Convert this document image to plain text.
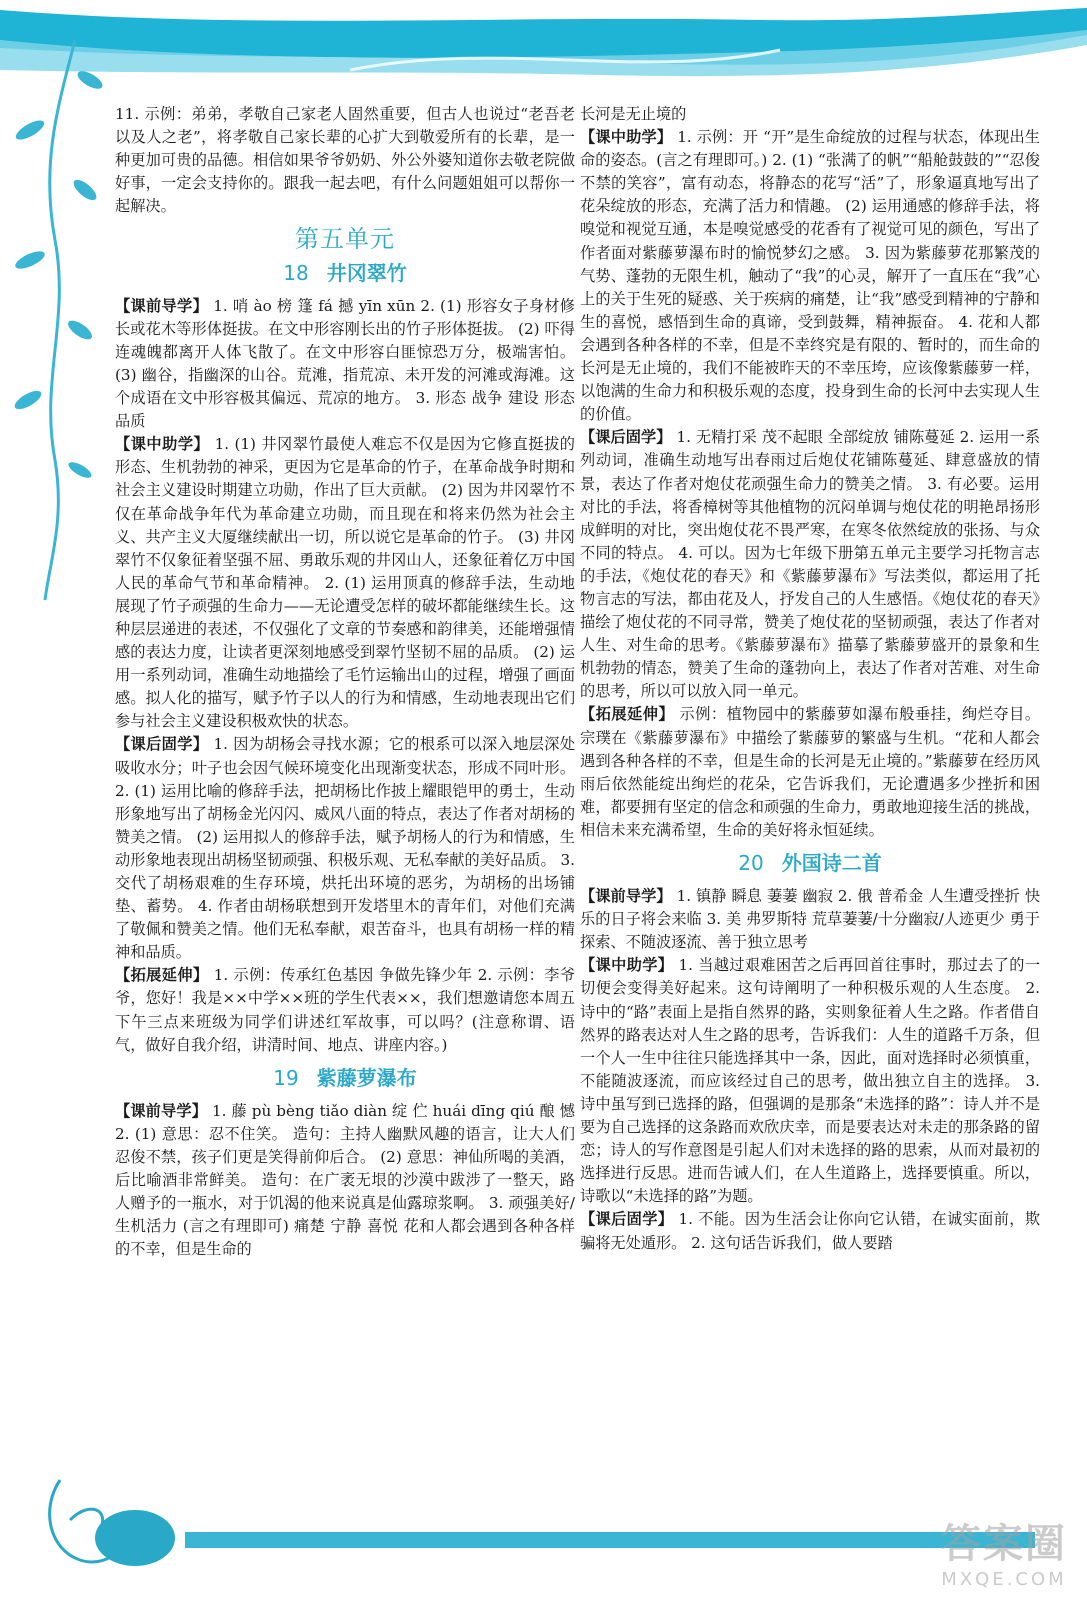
118
答案圈
MXQE.COM

11. 示例：弟弟，孝敬自己家老人固然重要，但古人也说过“老吾老以及人之老”，将孝敬自己家长辈的心扩大到敬爱所有的长辈，是一种更加可贵的品德。相信如果爷爷奶奶、外公外婆知道你去敬老院做好事，一定会支持你的。跟我一起去吧，有什么问题姐姐可以帮你一起解决。

第五单元
18 井冈翠竹

【课前导学】 1. 哨 ào 榜 篷 fá 撼 yīn xūn 2. (1) 形容女子身材修长或花木等形体挺拔。在文中形容刚长出的竹子形体挺拔。 (2) 吓得连魂魄都离开人体飞散了。在文中形容白匪惊恐万分，极端害怕。 (3) 幽谷，指幽深的山谷。荒滩，指荒凉、未开发的河滩或海滩。这个成语在文中形容极其偏远、荒凉的地方。 3. 形态 战争 建设 形态 品质

【课中助学】 1. (1) 井冈翠竹最使人难忘不仅是因为它修直挺拔的形态、生机勃勃的神采，更因为它是革命的竹子，在革命战争时期和社会主义建设时期建立功勋，作出了巨大贡献。 (2) 因为井冈翠竹不仅在革命战争年代为革命建立功勋，而且现在和将来仍然为社会主义、共产主义大厦继续献出一切，所以说它是革命的竹子。 (3) 井冈翠竹不仅象征着坚强不屈、勇敢乐观的井冈山人，还象征着亿万中国人民的革命气节和革命精神。 2. (1) 运用顶真的修辞手法，生动地展现了竹子顽强的生命力——无论遭受怎样的破坏都能继续生长。这种层层递进的表述，不仅强化了文章的节奏感和韵律美，还能增强情感的表达力度，让读者更深刻地感受到翠竹坚韧不屈的品质。 (2) 运用一系列动词，准确生动地描绘了毛竹运输出山的过程，增强了画面感。拟人化的描写，赋予竹子以人的行为和情感，生动地表现出它们参与社会主义建设积极欢快的状态。

【课后固学】 1. 因为胡杨会寻找水源；它的根系可以深入地层深处吸收水分；叶子也会因气候环境变化出现渐变状态，形成不同叶形。 2. (1) 运用比喻的修辞手法，把胡杨比作披上耀眼铠甲的勇士，生动形象地写出了胡杨金光闪闪、威风八面的特点，表达了作者对胡杨的赞美之情。 (2) 运用拟人的修辞手法，赋予胡杨人的行为和情感，生动形象地表现出胡杨坚韧顽强、积极乐观、无私奉献的美好品质。 3. 交代了胡杨艰难的生存环境，烘托出环境的恶劣，为胡杨的出场铺垫、蓄势。 4. 作者由胡杨联想到开发塔里木的青年们，对他们充满了敬佩和赞美之情。他们无私奉献，艰苦奋斗，也具有胡杨一样的精神和品质。

【拓展延伸】 1. 示例：传承红色基因 争做先锋少年 2. 示例：李爷爷，您好！我是××中学××班的学生代表××，我们想邀请您本周五下午三点来班级为同学们讲述红军故事，可以吗？(注意称谓、语气，做好自我介绍，讲清时间、地点、讲座内容。)

19 紫藤萝瀑布

【课前导学】 1. 藤 pù bèng tiǎo diàn 绽 伫 huái dīng qiú 酿 憾 2. (1) 意思：忍不住笑。 造句：主持人幽默风趣的语言，让大人们忍俊不禁，孩子们更是笑得前仰后合。 (2) 意思：神仙所喝的美酒，后比喻酒非常鲜美。 造句：在广袤无垠的沙漠中跋涉了一整天，路人赠予的一瓶水，对于饥渴的他来说真是仙露琼浆啊。 3. 顽强美好/生机活力 (言之有理即可) 痛楚 宁静 喜悦 花和人都会遇到各种各样的不幸，但是生命的

长河是无止境的

【课中助学】 1. 示例：开 “开”是生命绽放的过程与状态，体现出生命的姿态。(言之有理即可。) 2. (1) “张满了的帆”“船舱鼓鼓的”“忍俊不禁的笑容”，富有动态，将静态的花写“活”了，形象逼真地写出了花朵绽放的形态，充满了活力和情趣。 (2) 运用通感的修辞手法，将嗅觉和视觉互通，本是嗅觉感受的花香有了视觉可见的颜色，写出了作者面对紫藤萝瀑布时的愉悦梦幻之感。 3. 因为紫藤萝花那繁茂的气势、蓬勃的无限生机，触动了“我”的心灵，解开了一直压在“我”心上的关于生死的疑惑、关于疾病的痛楚，让“我”感受到精神的宁静和生的喜悦，感悟到生命的真谛，受到鼓舞，精神振奋。 4. 花和人都会遇到各种各样的不幸，但是不幸终究是有限的、暂时的，而生命的长河是无止境的，我们不能被昨天的不幸压垮，应该像紫藤萝一样，以饱满的生命力和积极乐观的态度，投身到生命的长河中去实现人生的价值。

【课后固学】 1. 无精打采 茂不起眼 全部绽放 铺陈蔓延 2. 运用一系列动词，准确生动地写出春雨过后炮仗花铺陈蔓延、肆意盛放的情景，表达了作者对炮仗花顽强生命力的赞美之情。 3. 有必要。运用对比的手法，将香樟树等其他植物的沉闷单调与炮仗花的明艳昂扬形成鲜明的对比，突出炮仗花不畏严寒，在寒冬依然绽放的张扬、与众不同的特点。 4. 可以。因为七年级下册第五单元主要学习托物言志的手法，《炮仗花的春天》和《紫藤萝瀑布》写法类似，都运用了托物言志的写法，都由花及人，抒发自己的人生感悟。《炮仗花的春天》描绘了炮仗花的不同寻常，赞美了炮仗花的坚韧顽强，表达了作者对人生、对生命的思考。《紫藤萝瀑布》描摹了紫藤萝盛开的景象和生机勃勃的情态，赞美了生命的蓬勃向上，表达了作者对苦难、对生命的思考，所以可以放入同一单元。

【拓展延伸】 示例：植物园中的紫藤萝如瀑布般垂挂，绚烂夺目。宗璞在《紫藤萝瀑布》中描绘了紫藤萝的繁盛与生机。“花和人都会遇到各种各样的不幸，但是生命的长河是无止境的。”紫藤萝在经历风雨后依然能绽出绚烂的花朵，它告诉我们，无论遭遇多少挫折和困难，都要拥有坚定的信念和顽强的生命力，勇敢地迎接生活的挑战，相信未来充满希望，生命的美好将永恒延续。

20 外国诗二首

【课前导学】 1. 镇静 瞬息 萋萋 幽寂 2. 俄 普希金 人生遭受挫折 快乐的日子将会来临 3. 美 弗罗斯特 荒草萋萋/十分幽寂/人迹更少 勇于探索、不随波逐流、善于独立思考

【课中助学】 1. 当越过艰难困苦之后再回首往事时，那过去了的一切便会变得美好起来。这句诗阐明了一种积极乐观的人生态度。 2. 诗中的“路”表面上是指自然界的路，实则象征着人生之路。作者借自然界的路表达对人生之路的思考，告诉我们：人生的道路千万条，但一个人一生中往往只能选择其中一条，因此，面对选择时必须慎重，不能随波逐流，而应该经过自己的思考，做出独立自主的选择。 3. 诗中虽写到已选择的路，但强调的是那条“未选择的路”：诗人并不是要为自己选择的这条路而欢欣庆幸，而是要表达对未走的那条路的留恋；诗人的写作意图是引起人们对未选择的路的思索，从而对最初的选择进行反思。进而告诫人们，在人生道路上，选择要慎重。所以，诗歌以“未选择的路”为题。

【课后固学】 1. 不能。因为生活会让你向它认错，在诚实面前，欺骗将无处遁形。 2. 这句话告诉我们，做人要踏
